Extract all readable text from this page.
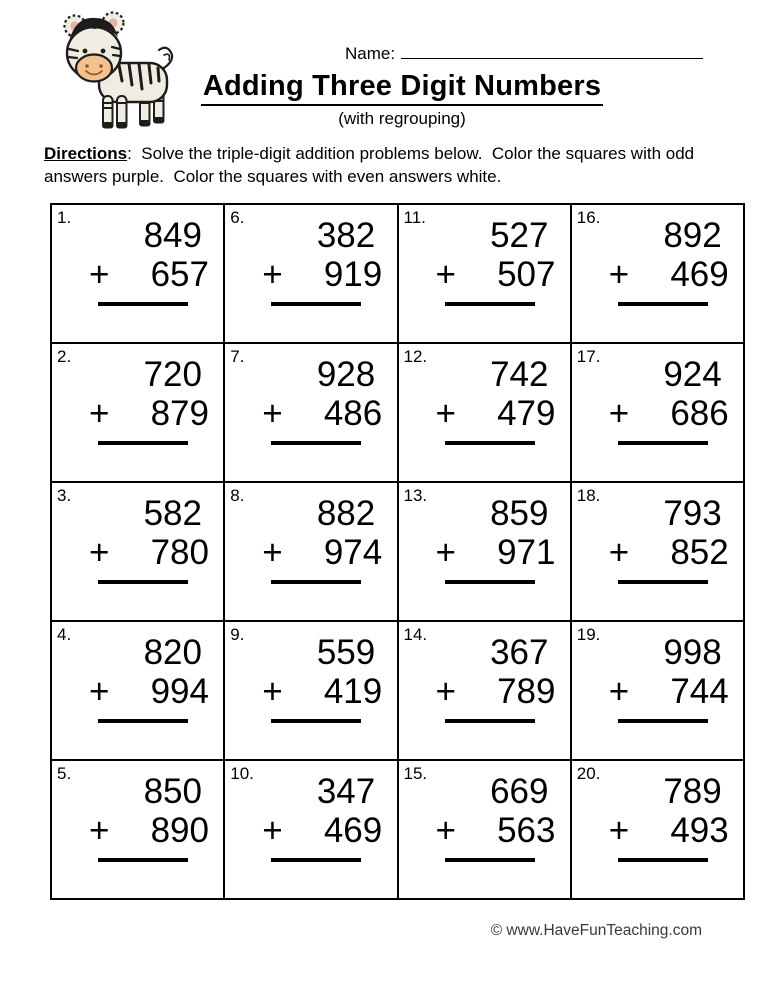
Name:
Adding Three Digit Numbers
(with regrouping)

Directions:  Solve the triple-digit addition problems below.  Color the squares with odd answers purple.  Color the squares with even answers white.

1.	849
+ 657
6.	382
+ 919
11.	527
+ 507
16.	892
+ 469
2.	720
+ 879
7.	928
+ 486
12.	742
+ 479
17.	924
+ 686
3.	582
+ 780
8.	882
+ 974
13.	859
+ 971
18.	793
+ 852
4.	820
+ 994
9.	559
+ 419
14.	367
+ 789
19.	998
+ 744
5.	850
+ 890
10.	347
+ 469
15.	669
+ 563
20.	789
+ 493
© www.HaveFunTeaching.com
